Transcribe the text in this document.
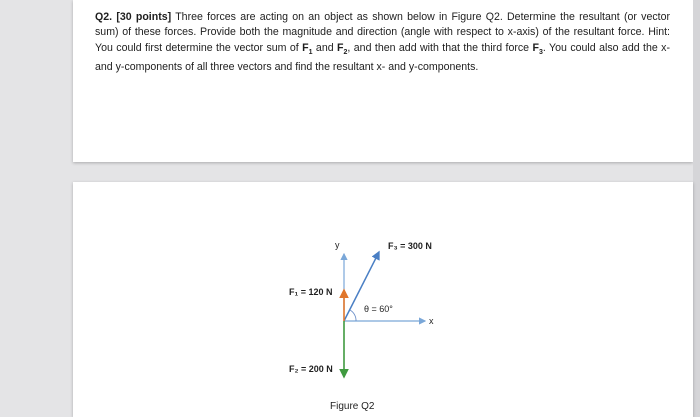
Q2. [30 points] Three forces are acting on an object as shown below in Figure Q2. Determine the resultant (or vector sum) of these forces. Provide both the magnitude and direction (angle with respect to x-axis) of the resultant force. Hint: You could first determine the vector sum of $F_1$ and $F_2$, and then add with that the third force $F_3$. You could also add the x- and y-components of all three vectors and find the resultant x- and y-components.

y
x
F₃ = 300 N
F₁ = 120 N
F₂ = 200 N
θ = 60°
Figure Q2
